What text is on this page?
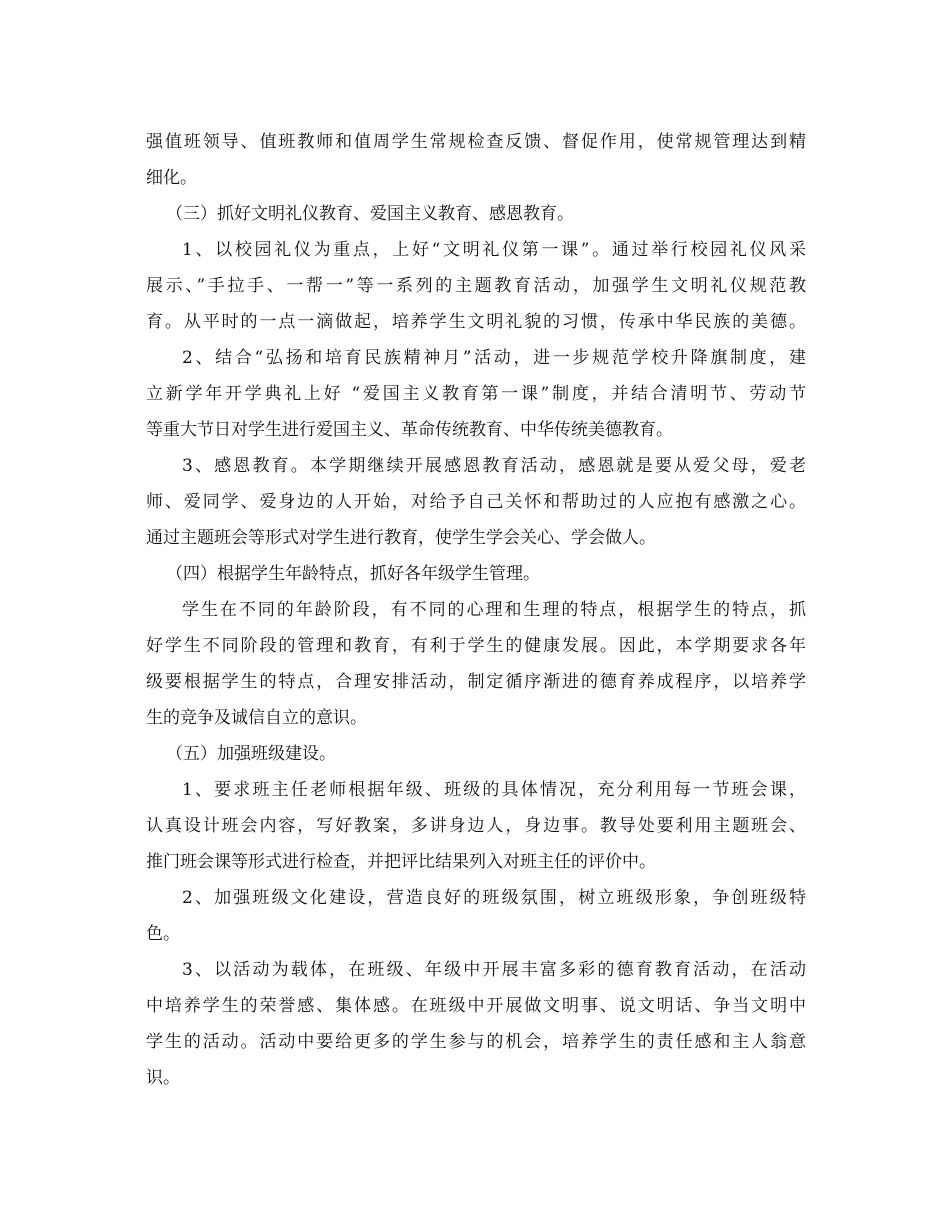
强值班领导、值班教师和值周学生常规检查反馈、督促作用，使常规管理达到精
细化。
（三）抓好文明礼仪教育、爱国主义教育、感恩教育。
1、以校园礼仪为重点，上好“文明礼仪第一课”。通过举行校园礼仪风采
展示、”手拉手、一帮一”等一系列的主题教育活动，加强学生文明礼仪规范教
育。从平时的一点一滴做起，培养学生文明礼貌的习惯，传承中华民族的美德。
2、结合“弘扬和培育民族精神月”活动，进一步规范学校升降旗制度，建
立新学年开学典礼上好 “爱国主义教育第一课”制度，并结合清明节、劳动节
等重大节日对学生进行爱国主义、革命传统教育、中华传统美德教育。
3、感恩教育。本学期继续开展感恩教育活动，感恩就是要从爱父母，爱老
师、爱同学、爱身边的人开始，对给予自己关怀和帮助过的人应抱有感激之心。
通过主题班会等形式对学生进行教育，使学生学会关心、学会做人。
（四）根据学生年龄特点，抓好各年级学生管理。
学生在不同的年龄阶段，有不同的心理和生理的特点，根据学生的特点，抓
好学生不同阶段的管理和教育，有利于学生的健康发展。因此，本学期要求各年
级要根据学生的特点，合理安排活动，制定循序渐进的德育养成程序，以培养学
生的竞争及诚信自立的意识。
（五）加强班级建设。
1、要求班主任老师根据年级、班级的具体情况，充分利用每一节班会课，
认真设计班会内容，写好教案，多讲身边人，身边事。教导处要利用主题班会、
推门班会课等形式进行检查，并把评比结果列入对班主任的评价中。
2、加强班级文化建设，营造良好的班级氛围，树立班级形象，争创班级特
色。
3、以活动为载体，在班级、年级中开展丰富多彩的德育教育活动，在活动
中培养学生的荣誉感、集体感。在班级中开展做文明事、说文明话、争当文明中
学生的活动。活动中要给更多的学生参与的机会，培养学生的责任感和主人翁意
识。
